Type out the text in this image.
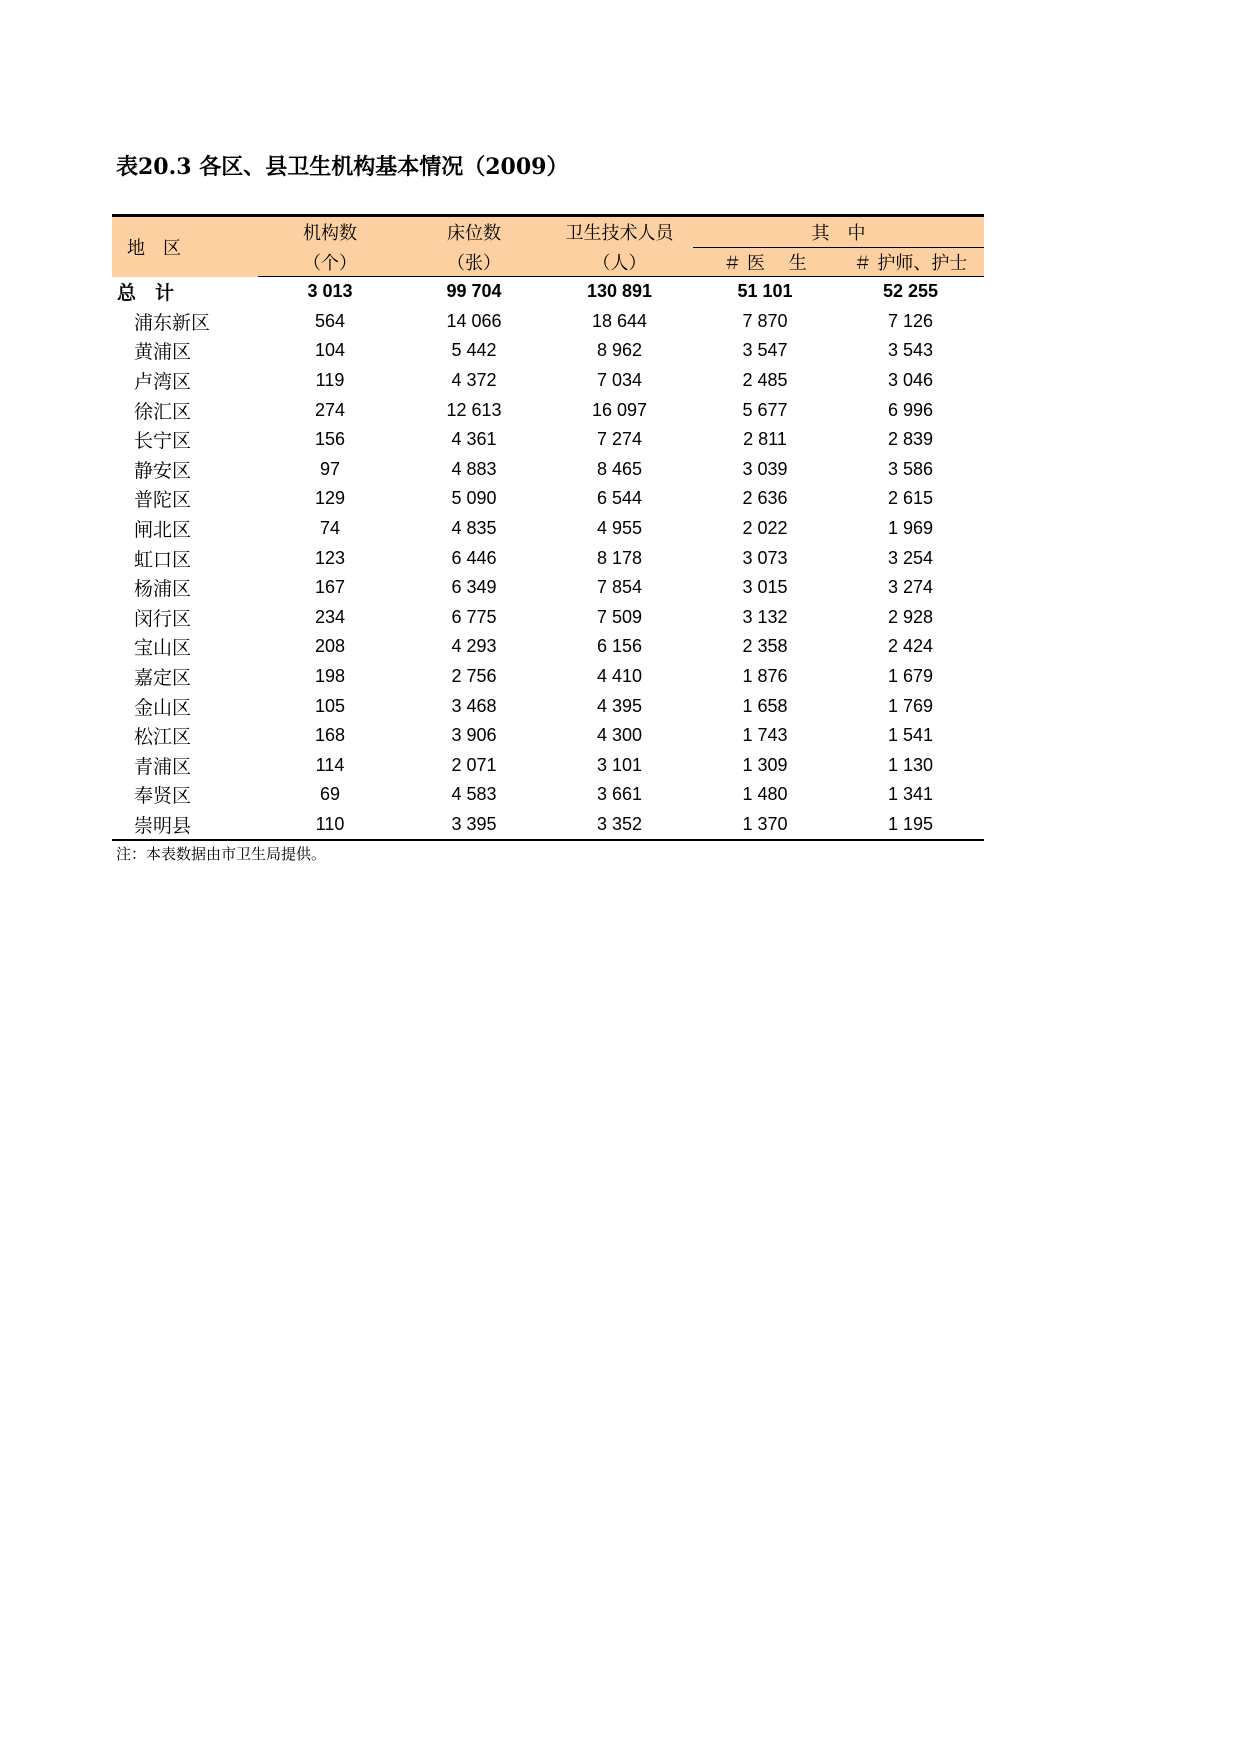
表20.3 各区、县卫生机构基本情况（2009）
地　区	机构数	床位数	卫生技术人员	其　中	
	（个）	（张）	（人）	＃ 医　 生	＃ 护师、护士
总　计	3 013	99 704	130 891	51 101	52 255
浦东新区	564	14 066	18 644	7 870	7 126
黄浦区	104	5 442	8 962	3 547	3 543
卢湾区	119	4 372	7 034	2 485	3 046
徐汇区	274	12 613	16 097	5 677	6 996
长宁区	156	4 361	7 274	2 811	2 839
静安区	97	4 883	8 465	3 039	3 586
普陀区	129	5 090	6 544	2 636	2 615
闸北区	74	4 835	4 955	2 022	1 969
虹口区	123	6 446	8 178	3 073	3 254
杨浦区	167	6 349	7 854	3 015	3 274
闵行区	234	6 775	7 509	3 132	2 928
宝山区	208	4 293	6 156	2 358	2 424
嘉定区	198	2 756	4 410	1 876	1 679
金山区	105	3 468	4 395	1 658	1 769
松江区	168	3 906	4 300	1 743	1 541
青浦区	114	2 071	3 101	1 309	1 130
奉贤区	69	4 583	3 661	1 480	1 341
崇明县	110	3 395	3 352	1 370	1 195
注：本表数据由市卫生局提供。
